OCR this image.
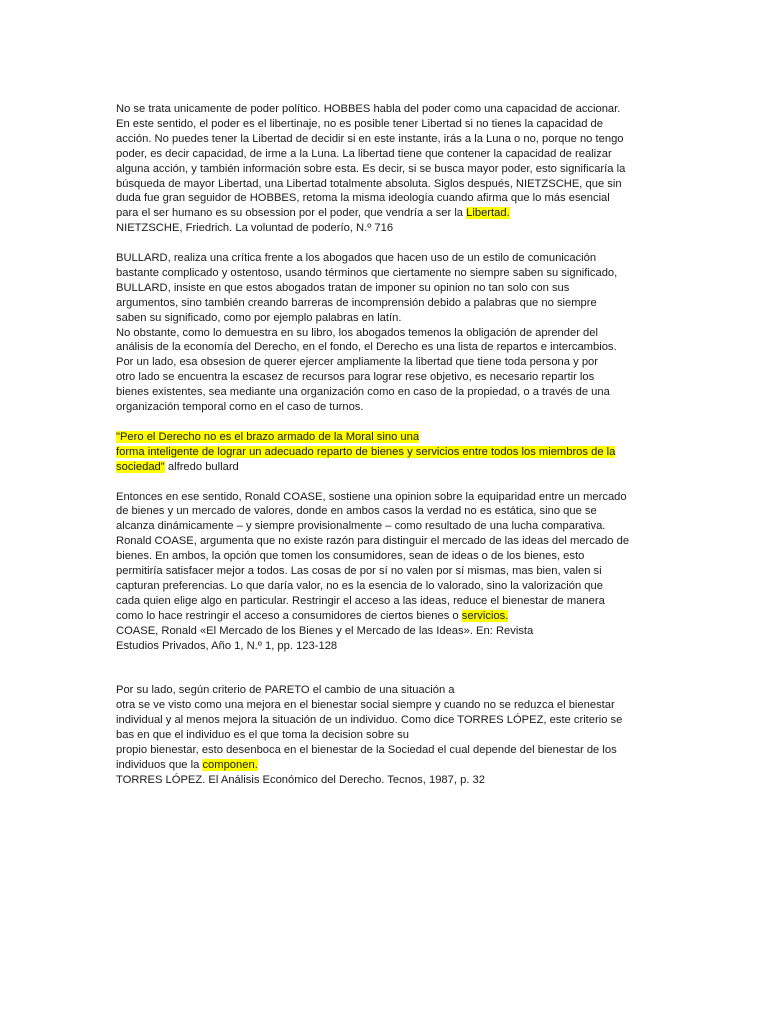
No se trata unicamente de poder político. HOBBES habla del poder como una capacidad de accionar.
En este sentido, el poder es el libertinaje, no es posible tener Libertad si no tienes la capacidad de
acción. No puedes tener la Libertad de decidir si en este instante, irás a la Luna o no, porque no tengo
poder, es decir capacidad, de irme a la Luna. La libertad tiene que contener la capacidad de realizar
alguna acción, y también información sobre esta. Es decir, si se busca mayor poder, esto significaría la
búsqueda de mayor Libertad, una Libertad totalmente absoluta. Siglos después, NIETZSCHE, que sin
duda fue gran seguidor de HOBBES, retoma la misma ideología cuando afirma que lo más esencial
para el ser humano es su obsession por el poder, que vendría a ser la Libertad.
NIETZSCHE, Friedrich. La voluntad de poderío, N.º 716
BULLARD, realiza una crítica frente a los abogados que hacen uso de un estilo de comunicación
bastante complicado y ostentoso, usando términos que ciertamente no siempre saben su significado,
BULLARD, insiste en que estos abogados tratan de imponer su opinion no tan solo con sus
argumentos, sino también creando barreras de incomprensión debido a palabras que no siempre
saben su significado, como por ejemplo palabras en latín.
No obstante, como lo demuestra en su libro, los abogados temenos la obligación de aprender del
análisis de la economía del Derecho, en el fondo, el Derecho es una lista de repartos e intercambios.
Por un lado, esa obsesion de querer ejercer ampliamente la libertad que tiene toda persona y por
otro lado se encuentra la escasez de recursos para lograr rese objetivo, es necesario repartir los
bienes existentes, sea mediante una organización como en caso de la propiedad, o a través de una
organización temporal como en el caso de turnos.
"Pero el Derecho no es el brazo armado de la Moral sino una
forma inteligente de lograr un adecuado reparto de bienes y servicios entre todos los miembros de la
sociedad" alfredo bullard
Entonces en ese sentido, Ronald COASE, sostiene una opinion sobre la equiparidad entre un mercado
de bienes y un mercado de valores, donde en ambos casos la verdad no es estática, sino que se
alcanza dinámicamente – y siempre provisionalmente – como resultado de una lucha comparativa.
Ronald COASE, argumenta que no existe razón para distinguir el mercado de las ideas del mercado de
bienes. En ambos, la opción que tomen los consumidores, sean de ideas o de los bienes, esto
permitiría satisfacer mejor a todos. Las cosas de por sí no valen por sí mismas, mas bien, valen si
capturan preferencias. Lo que daría valor, no es la esencia de lo valorado, sino la valorización que
cada quien elige algo en particular. Restringir el acceso a las ideas, reduce el bienestar de manera
como lo hace restringir el acceso a consumidores de ciertos bienes o servicios.
COASE, Ronald «El Mercado de los Bienes y el Mercado de las Ideas». En: Revista
Estudios Privados, Año 1, N.º 1, pp. 123-128
Por su lado, según criterio de PARETO el cambio de una situación a
otra se ve visto como una mejora en el bienestar social siempre y cuando no se reduzca el bienestar
individual y al menos mejora la situación de un individuo. Como dice TORRES LÓPEZ, este criterio se
bas en que el individuo es el que toma la decision sobre su
propio bienestar, esto desenboca en el bienestar de la Sociedad el cual depende del bienestar de los
individuos que la componen.
TORRES LÓPEZ. El Análisis Económico del Derecho. Tecnos, 1987, p. 32
